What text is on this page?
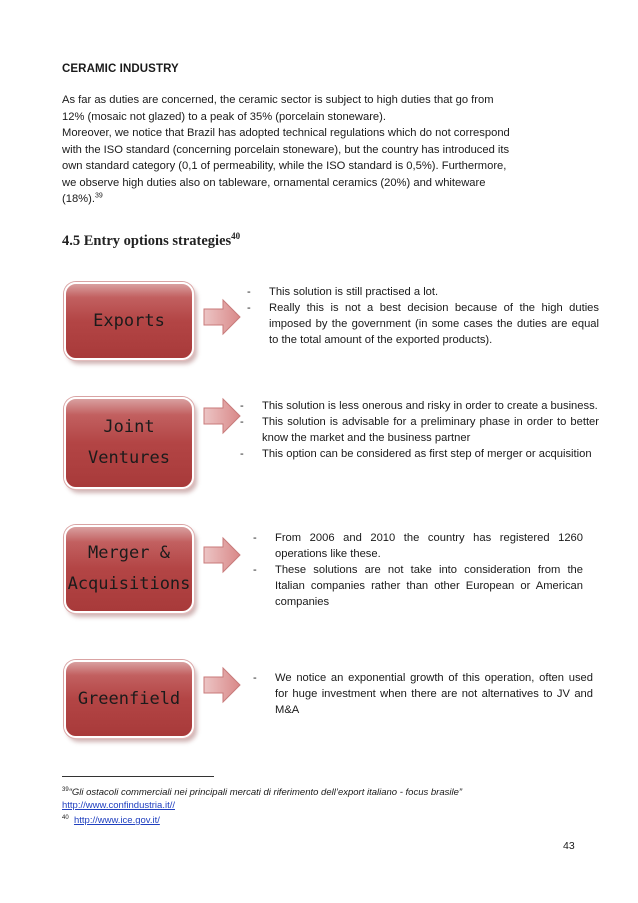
CERAMIC INDUSTRY
As far as duties are concerned, the ceramic sector is subject to high duties that go from
12% (mosaic not glazed) to a peak of 35% (porcelain stoneware).
Moreover, we notice that Brazil has adopted technical regulations which do not correspond
with the ISO standard (concerning porcelain stoneware), but the country has introduced its
own standard category (0,1 of permeability, while the ISO standard is 0,5%). Furthermore,
we observe high duties also on tableware, ornamental ceramics (20%) and whiteware
(18%).$^{39}$
4.5 Entry options strategies$^{40}$
Exports
- This solution is still practised a lot.
- Really this is not a best decision because of the high duties imposed by the government (in some cases the duties are equal to the total amount of the exported products).
Joint
Ventures
- This solution is less onerous and risky in order to create a business.
- This solution is advisable for a preliminary phase in order to better know the market and the business partner
- This option can be considered as first step of merger or acquisition
Merger &
Acquisitions
- From 2006 and 2010 the country has registered 1260 operations like these.
- These solutions are not take into consideration from the Italian companies rather than other European or American companies
Greenfield
- We notice an exponential growth of this operation, often used for huge investment when there are not alternatives to JV and M&A
$^{39}$“Gli ostacoli commerciali nei principali mercati di riferimento dell’export italiano - focus brasile”
http://www.confindustria.it//
$^{40}$ http://www.ice.gov.it/
43
